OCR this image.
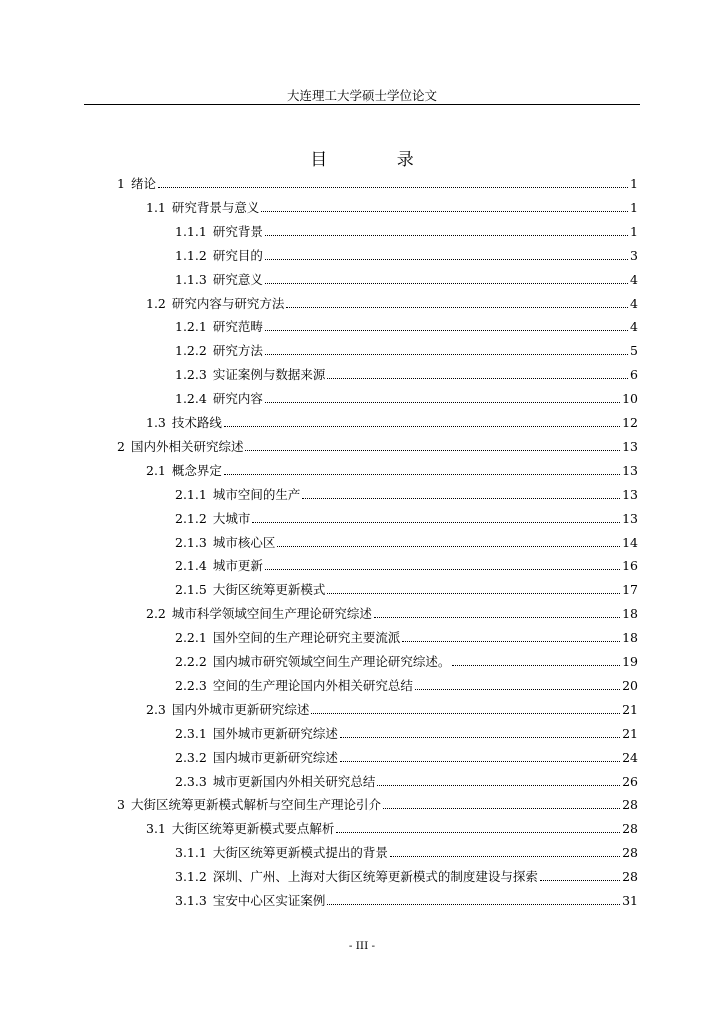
大连理工大学硕士学位论文
目 录
1 绪论	1
1.1 研究背景与意义	1
1.1.1 研究背景	1
1.1.2 研究目的	3
1.1.3 研究意义	4
1.2 研究内容与研究方法	4
1.2.1 研究范畴	4
1.2.2 研究方法	5
1.2.3 实证案例与数据来源	6
1.2.4 研究内容	10
1.3 技术路线	12
2 国内外相关研究综述	13
2.1 概念界定	13
2.1.1 城市空间的生产	13
2.1.2 大城市	13
2.1.3 城市核心区	14
2.1.4 城市更新	16
2.1.5 大街区统筹更新模式	17
2.2 城市科学领域空间生产理论研究综述	18
2.2.1 国外空间的生产理论研究主要流派	18
2.2.2 国内城市研究领域空间生产理论研究综述。	19
2.2.3 空间的生产理论国内外相关研究总结	20
2.3 国内外城市更新研究综述	21
2.3.1 国外城市更新研究综述	21
2.3.2 国内城市更新研究综述	24
2.3.3 城市更新国内外相关研究总结	26
3 大街区统筹更新模式解析与空间生产理论引介	28
3.1 大街区统筹更新模式要点解析	28
3.1.1 大街区统筹更新模式提出的背景	28
3.1.2 深圳、广州、上海对大街区统筹更新模式的制度建设与探索	28
3.1.3 宝安中心区实证案例	31
- III -
